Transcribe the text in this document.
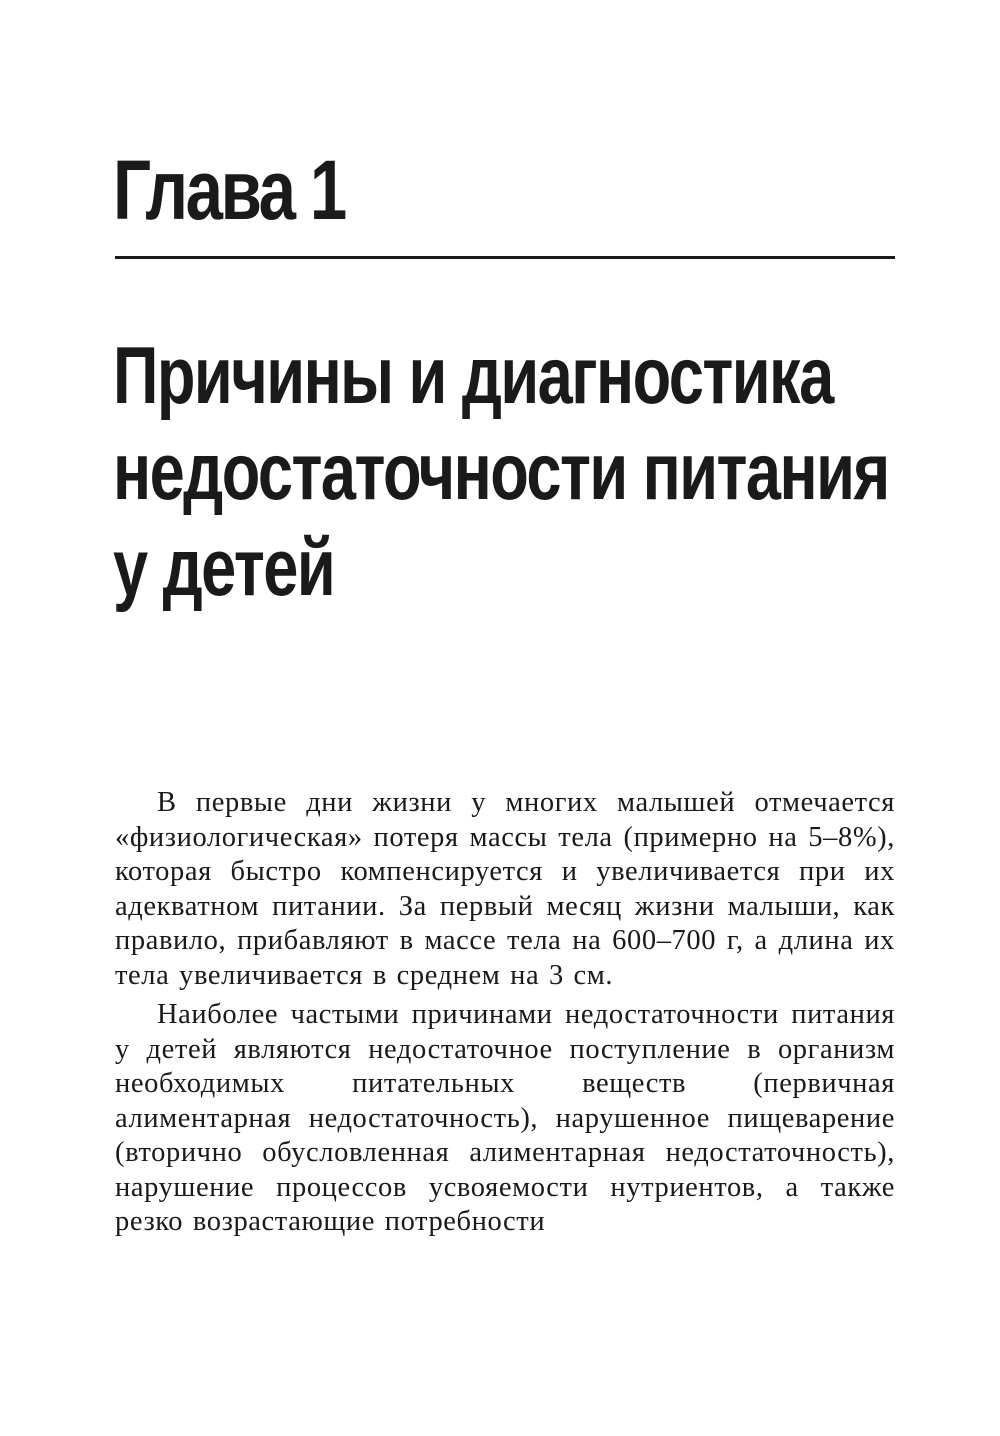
Глава 1
Причины и диагностика
недостаточности питания
у детей

В первые дни жизни у многих малышей отмечается «физиологическая» потеря массы тела (примерно на 5–8%), которая быстро компенсируется и увеличивается при их адекватном питании. За первый месяц жизни малыши, как правило, прибавляют в массе тела на 600–700 г, а длина их тела увеличивается в среднем на 3 см.

Наиболее частыми причинами недостаточности питания у детей являются недостаточное поступление в организм необходимых питательных веществ (первичная алиментарная недостаточность), нарушенное пищеварение (вторично обусловленная алиментарная недостаточность), нарушение процессов усвояемости нутриентов, а также резко возрастающие потребности
